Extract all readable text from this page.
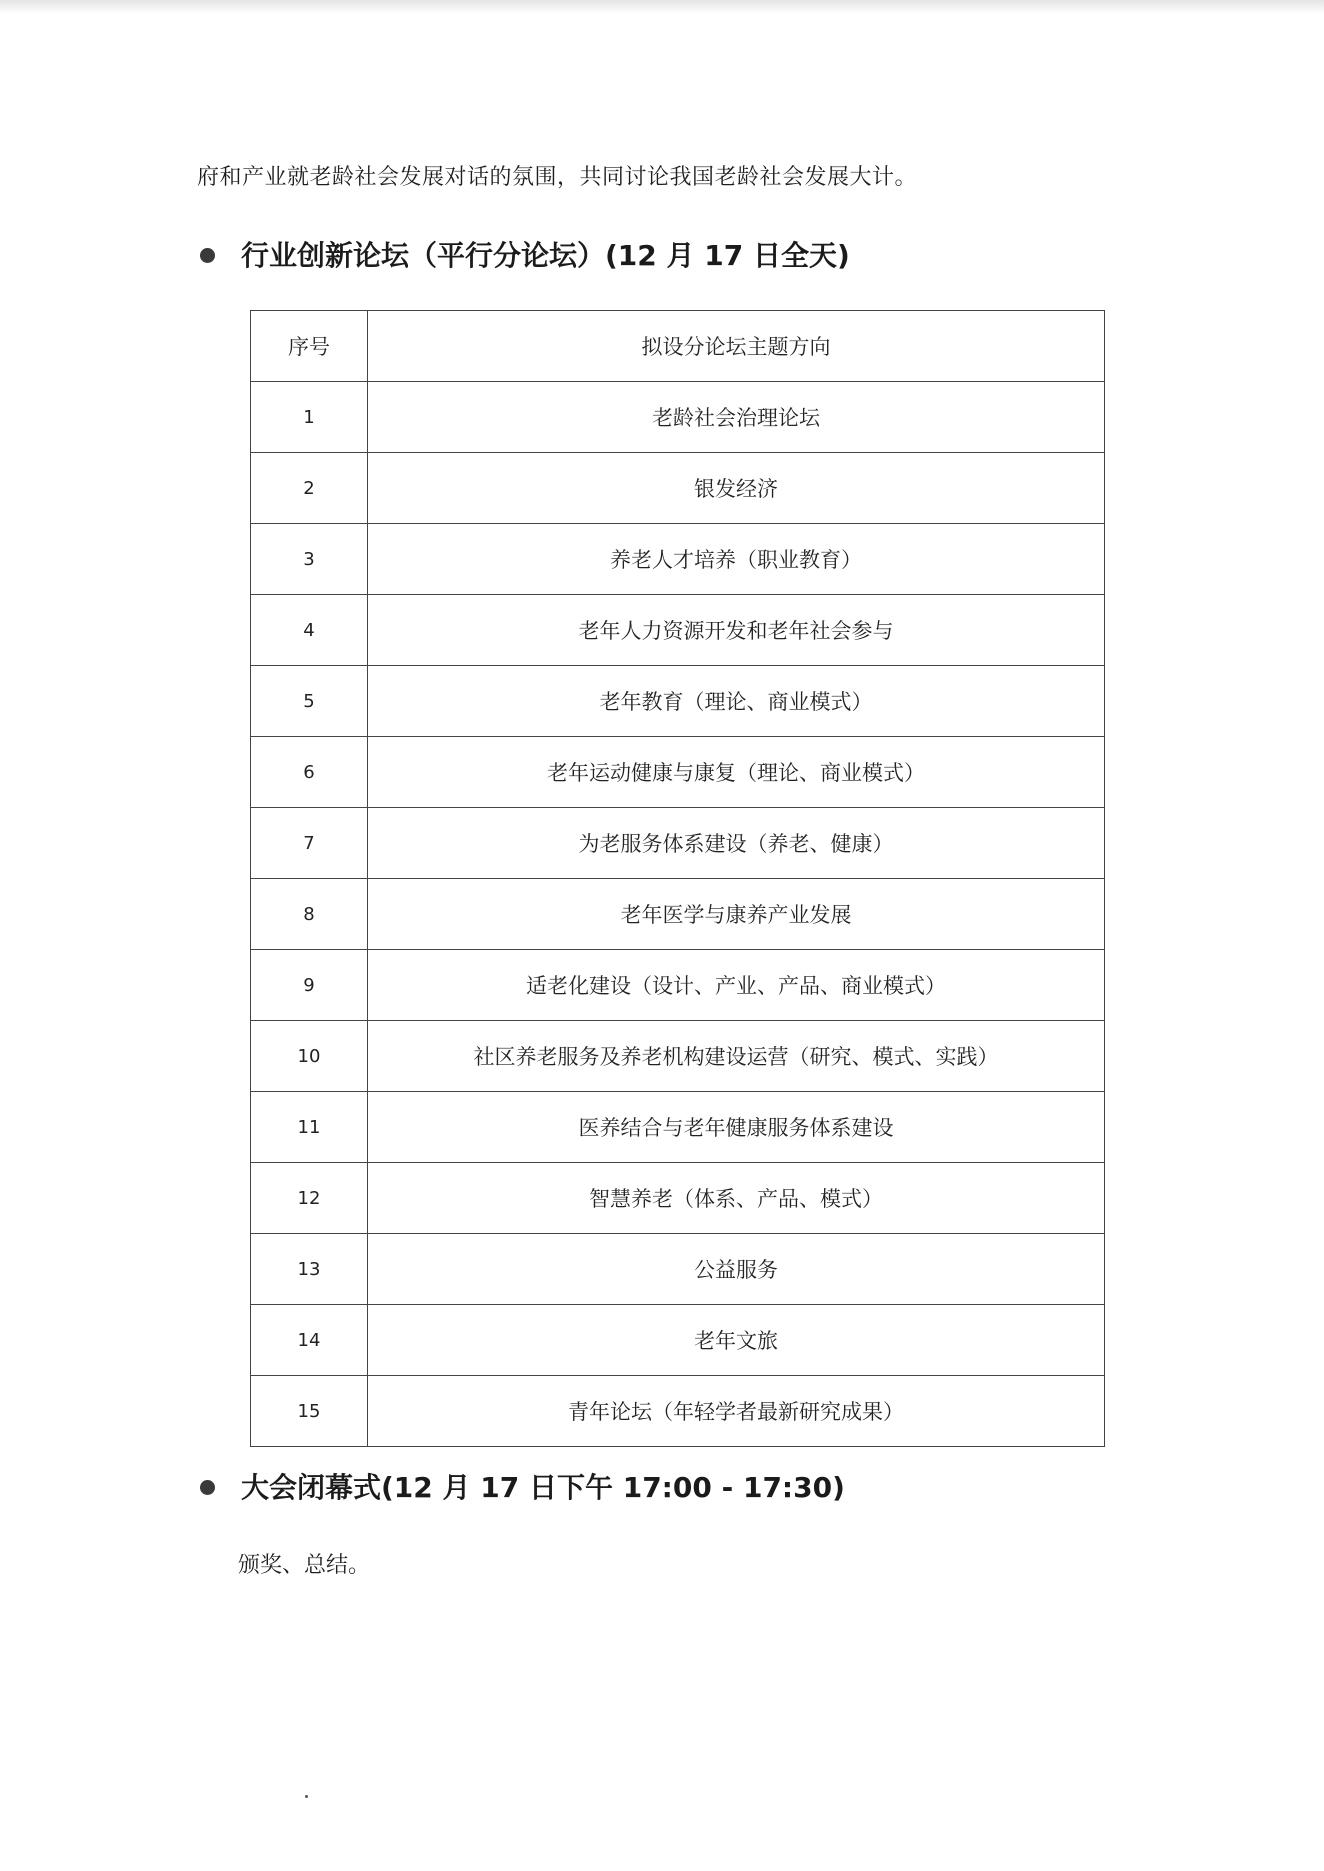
府和产业就老龄社会发展对话的氛围，共同讨论我国老龄社会发展大计。

行业创新论坛（平行分论坛）(12 月 17 日全天)
序号	拟设分论坛主题方向
1	老龄社会治理论坛
2	银发经济
3	养老人才培养（职业教育）
4	老年人力资源开发和老年社会参与
5	老年教育（理论、商业模式）
6	老年运动健康与康复（理论、商业模式）
7	为老服务体系建设（养老、健康）
8	老年医学与康养产业发展
9	适老化建设（设计、产业、产品、商业模式）
10	社区养老服务及养老机构建设运营（研究、模式、实践）
11	医养结合与老年健康服务体系建设
12	智慧养老（体系、产品、模式）
13	公益服务
14	老年文旅
15	青年论坛（年轻学者最新研究成果）
大会闭幕式(12 月 17 日下午 17:00 - 17:30)

颁奖、总结。
